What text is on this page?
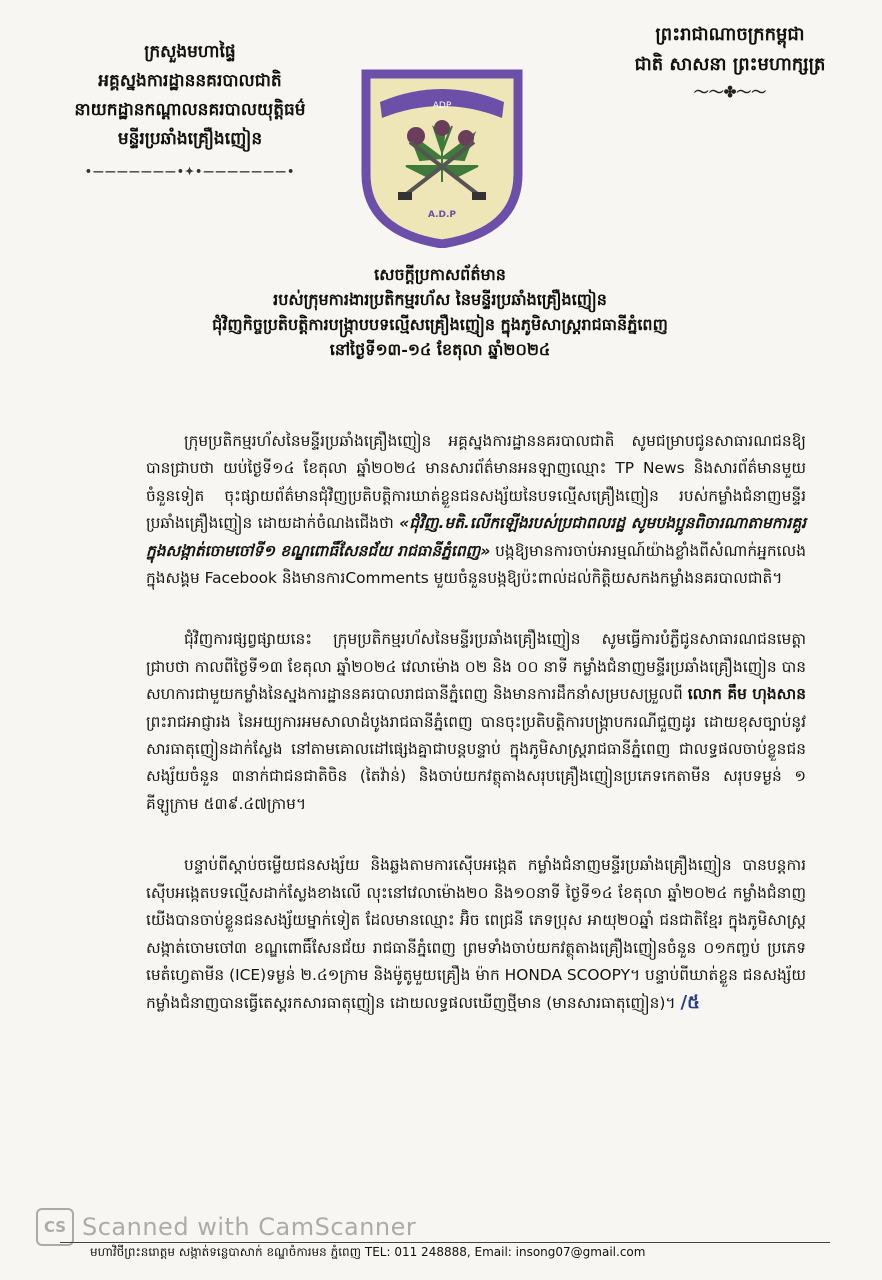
ក្រសួងមហាផ្ទៃ
អគ្គស្នងការដ្ឋាននគរបាលជាតិ
នាយកដ្ឋានកណ្តាលនគរបាលយុត្តិធម៌
មន្ទីរប្រឆាំងគ្រឿងញៀន
•———————•✦•———————•
ADP
A.D.P
ព្រះរាជាណាចក្រកម្ពុជា
ជាតិ សាសនា ព្រះមហាក្សត្រ
〜〜✤〜〜
សេចក្តីប្រកាសព័ត៌មាន
របស់ក្រុមការងារប្រតិកម្មរហ័ស នៃមន្ទីរប្រឆាំងគ្រឿងញៀន
ជុំវិញកិច្ចប្រតិបត្តិការបង្ក្រាបបទល្មើសគ្រឿងញៀន ក្នុងភូមិសាស្ត្ររាជធានីភ្នំពេញ
នៅថ្ងៃទី១៣-១៤ ខែតុលា ឆ្នាំ២០២៤

ក្រុមប្រតិកម្មរហ័សនៃមន្ទីរប្រឆាំងគ្រឿងញៀន អគ្គស្នងការដ្ឋាននគរបាលជាតិ សូមជម្រាបជូនសាធារណជនឱ្យបានជ្រាបថា យប់ថ្ងៃទី១៤ ខែតុលា ឆ្នាំ២០២៤ មានសារព័ត៌មានអនឡាញឈ្មោះ TP News និងសារព័ត៌មានមួយចំនួនទៀត ចុះផ្សាយព័ត៌មានជុំវិញប្រតិបត្តិការឃាត់ខ្លួនជនសង្ស័យនៃបទល្មើសគ្រឿងញៀន របស់កម្លាំងជំនាញមន្ទីរប្រឆាំងគ្រឿងញៀន ដោយដាក់ចំណងជើងថា «ជុំវិញ.មតិ.លើកឡើងរបស់ប្រជាពលរដ្ឋ សូមបងប្អូនពិចារណាតាមការគួរ ក្នុងសង្កាត់ចោមចៅទី១ ខណ្ឌពោធិ៍សែនជ័យ រាជធានីភ្នំពេញ» បង្កឱ្យមានការចាប់អារម្មណ៍យ៉ាងខ្លាំងពីសំណាក់អ្នកលេងក្នុងសង្គម Facebook និងមានការComments មួយចំនួនបង្កឱ្យប៉ះពាល់ដល់កិត្តិយសកងកម្លាំងនគរបាលជាតិ។

ជុំវិញការផ្សព្វផ្សាយនេះ ក្រុមប្រតិកម្មរហ័សនៃមន្ទីរប្រឆាំងគ្រឿងញៀន សូមធ្វើការបំភ្លឺជូនសាធារណជនមេត្តាជ្រាបថា កាលពីថ្ងៃទី១៣ ខែតុលា ឆ្នាំ២០២៤ វេលាម៉ោង ០២ និង ០០ នាទី កម្លាំងជំនាញមន្ទីរប្រឆាំងគ្រឿងញៀន បានសហការជាមួយកម្លាំងនៃស្នងការដ្ឋាននគរបាលរាជធានីភ្នំពេញ និងមានការដឹកនាំសម្របសម្រួលពី លោក គឹម ហុងសាន ព្រះរាជអាជ្ញារង នៃអយ្យការអមសាលាដំបូងរាជធានីភ្នំពេញ បានចុះប្រតិបត្តិការបង្ក្រាបករណីជួញដូរ ដោយខុសច្បាប់នូវសារធាតុញៀនដាក់ស្លែង នៅតាមគោលដៅផ្សេងគ្នាជាបន្តបន្ទាប់ ក្នុងភូមិសាស្ត្ររាជធានីភ្នំពេញ ជាលទ្ធផលចាប់ខ្លួនជនសង្ស័យចំនួន ៣នាក់ជាជនជាតិចិន (តៃវ៉ាន់) និងចាប់យកវត្ថុតាងសរុបគ្រឿងញៀនប្រភេទកេតាមីន សរុបទម្ងន់ ១ គីឡូក្រាម ៥៣៩.៤៧ក្រាម។

បន្ទាប់ពីស្តាប់ចម្លើយជនសង្ស័យ និងឆ្លងតាមការស៊ើបអង្កេត កម្លាំងជំនាញមន្ទីរប្រឆាំងគ្រឿងញៀន បានបន្តការស៊ើបអង្កេតបទល្មើសដាក់ស្លែងខាងលើ លុះនៅវេលាម៉ោង២០ និង១០នាទី ថ្ងៃទី១៤ ខែតុលា ឆ្នាំ២០២៤ កម្លាំងជំនាញយើងបានចាប់ខ្លួនជនសង្ស័យម្នាក់ទៀត ដែលមានឈ្មោះ អ៊ិច ពេជ្រនី ភេទប្រុស អាយុ២០ឆ្នាំ ជនជាតិខ្មែរ ក្នុងភូមិសាស្ត្រសង្កាត់ចោមចៅ៣ ខណ្ឌពោធិ៍សែនជ័យ រាជធានីភ្នំពេញ ព្រមទាំងចាប់យកវត្ថុតាងគ្រឿងញៀនចំនួន ០១កញ្ចប់ ប្រភេទមេតំហ្វេតាមីន (ICE)ទម្ងន់ ២.៤១ក្រាម និងម៉ូតូមួយគ្រឿង ម៉ាក HONDA SCOOPY។ បន្ទាប់ពីឃាត់ខ្លួន ជនសង្ស័យ កម្លាំងជំនាញបានធ្វើតេស្តរកសារធាតុញៀន ដោយលទ្ធផលឃើញថ្មីមាន (មានសារធាតុញៀន)។ /៥

CS Scanned with CamScanner
មហាវិថីព្រះនរោត្តម សង្កាត់ទន្លេបាសាក់ ខណ្ឌចំការមន ភ្នំពេញ TEL: 011 248888, Email: insong07@gmail.com
